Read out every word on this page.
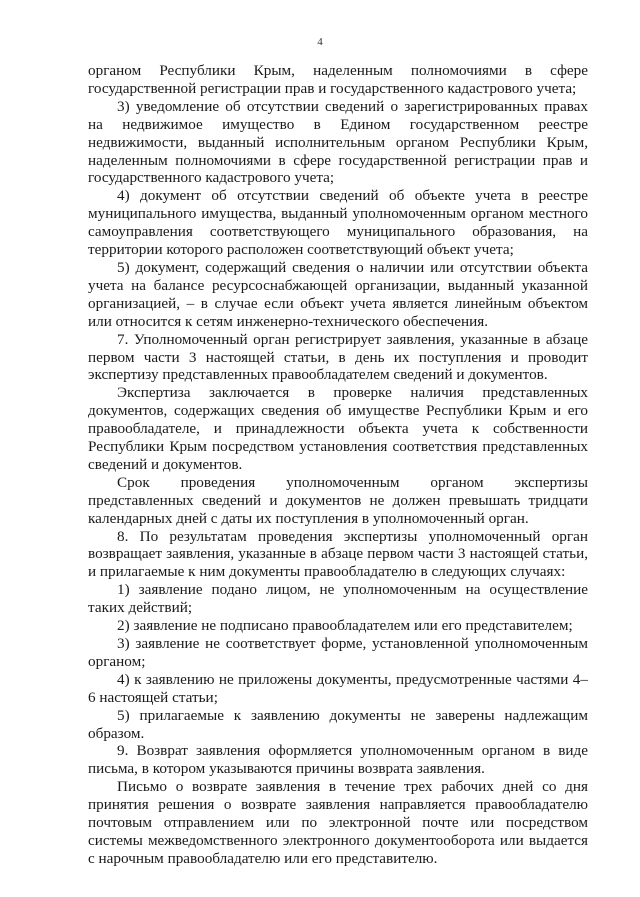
4

органом Республики Крым, наделенным полномочиями в сфере государственной регистрации прав и государственного кадастрового учета;

3) уведомление об отсутствии сведений о зарегистрированных правах на недвижимое имущество в Едином государственном реестре недвижимости, выданный исполнительным органом Республики Крым, наделенным полномочиями в сфере государственной регистрации прав и государственного кадастрового учета;

4) документ об отсутствии сведений об объекте учета в реестре муниципального имущества, выданный уполномоченным органом местного самоуправления соответствующего муниципального образования, на территории которого расположен соответствующий объект учета;

5) документ, содержащий сведения о наличии или отсутствии объекта учета на балансе ресурсоснабжающей организации, выданный указанной организацией, – в случае если объект учета является линейным объектом или относится к сетям инженерно-технического обеспечения.

7. Уполномоченный орган регистрирует заявления, указанные в абзаце первом части 3 настоящей статьи, в день их поступления и проводит экспертизу представленных правообладателем сведений и документов.

Экспертиза заключается в проверке наличия представленных документов, содержащих сведения об имуществе Республики Крым и его правообладателе, и принадлежности объекта учета к собственности Республики Крым посредством установления соответствия представленных сведений и документов.

Срок проведения уполномоченным органом экспертизы представленных сведений и документов не должен превышать тридцати календарных дней с даты их поступления в уполномоченный орган.

8. По результатам проведения экспертизы уполномоченный орган возвращает заявления, указанные в абзаце первом части 3 настоящей статьи, и прилагаемые к ним документы правообладателю в следующих случаях:

1) заявление подано лицом, не уполномоченным на осуществление таких действий;

2) заявление не подписано правообладателем или его представителем;

3) заявление не соответствует форме, установленной уполномоченным органом;

4) к заявлению не приложены документы, предусмотренные частями 4–6 настоящей статьи;

5) прилагаемые к заявлению документы не заверены надлежащим образом.

9. Возврат заявления оформляется уполномоченным органом в виде письма, в котором указываются причины возврата заявления.

Письмо о возврате заявления в течение трех рабочих дней со дня принятия решения о возврате заявления направляется правообладателю почтовым отправлением или по электронной почте или посредством системы межведомственного электронного документооборота или выдается с нарочным правообладателю или его представителю.
